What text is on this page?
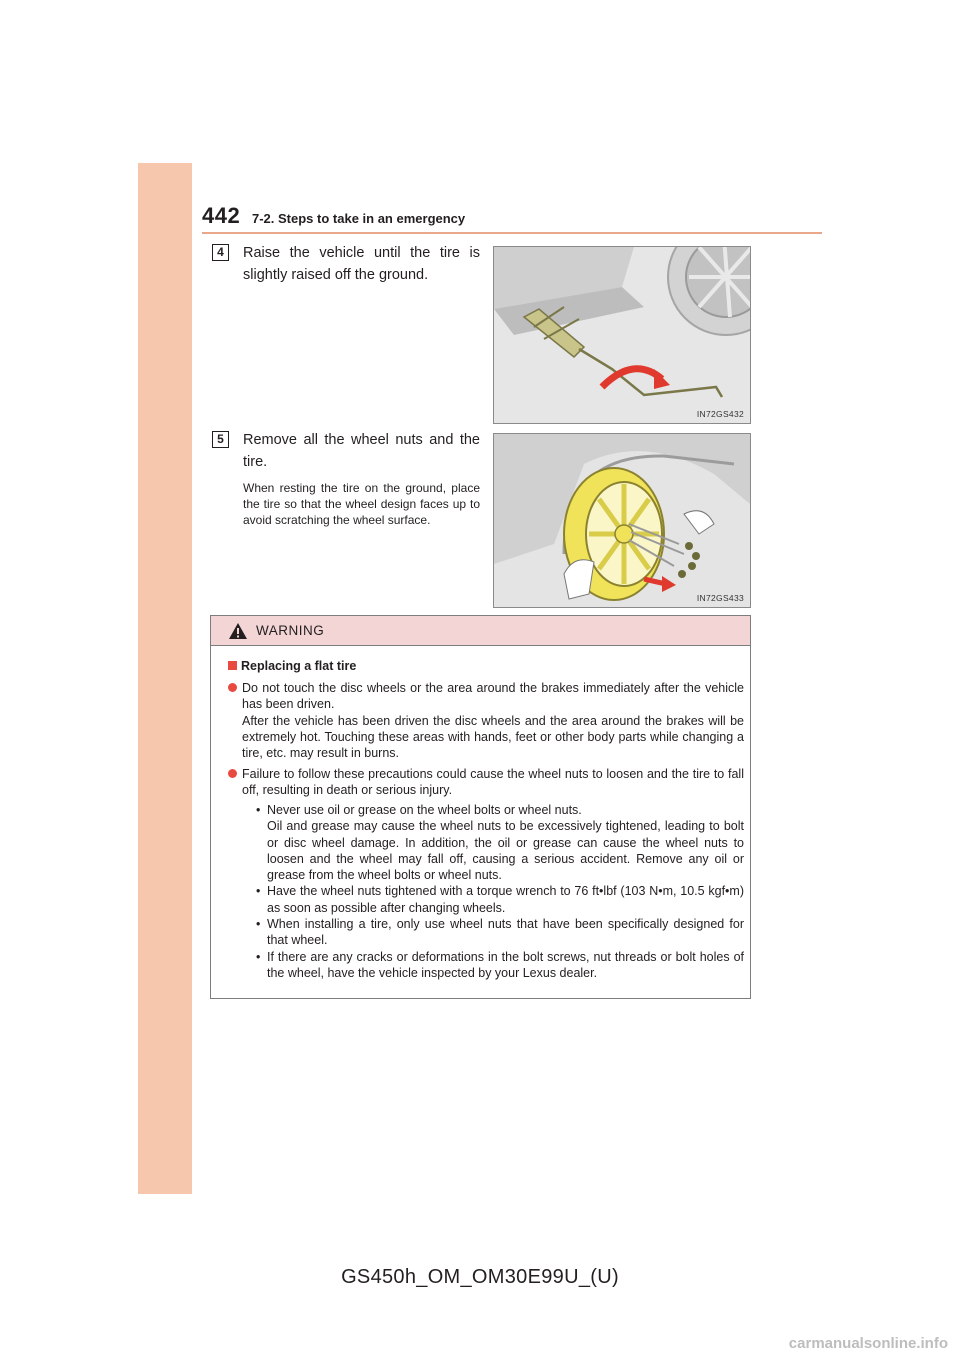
442 7-2. Steps to take in an emergency
4	Raise the vehicle until the tire is slightly raised off the ground.
IN72GS432
5	Remove all the wheel nuts and the tire.
When resting the tire on the ground, place the tire so that the wheel design faces up to avoid scratching the wheel surface.
IN72GS433
WARNING
Replacing a flat tire
Do not touch the disc wheels or the area around the brakes immediately after the vehicle has been driven.
After the vehicle has been driven the disc wheels and the area around the brakes will be extremely hot. Touching these areas with hands, feet or other body parts while changing a tire, etc. may result in burns.
Failure to follow these precautions could cause the wheel nuts to loosen and the tire to fall off, resulting in death or serious injury.
• Never use oil or grease on the wheel bolts or wheel nuts.
Oil and grease may cause the wheel nuts to be excessively tightened, leading to bolt or disc wheel damage. In addition, the oil or grease can cause the wheel nuts to loosen and the wheel may fall off, causing a serious accident. Remove any oil or grease from the wheel bolts or wheel nuts.
• Have the wheel nuts tightened with a torque wrench to 76 ft•lbf (103 N•m, 10.5 kgf•m) as soon as possible after changing wheels.
• When installing a tire, only use wheel nuts that have been specifically designed for that wheel.
• If there are any cracks or deformations in the bolt screws, nut threads or bolt holes of the wheel, have the vehicle inspected by your Lexus dealer.
GS450h_OM_OM30E99U_(U)
carmanualsonline.info
